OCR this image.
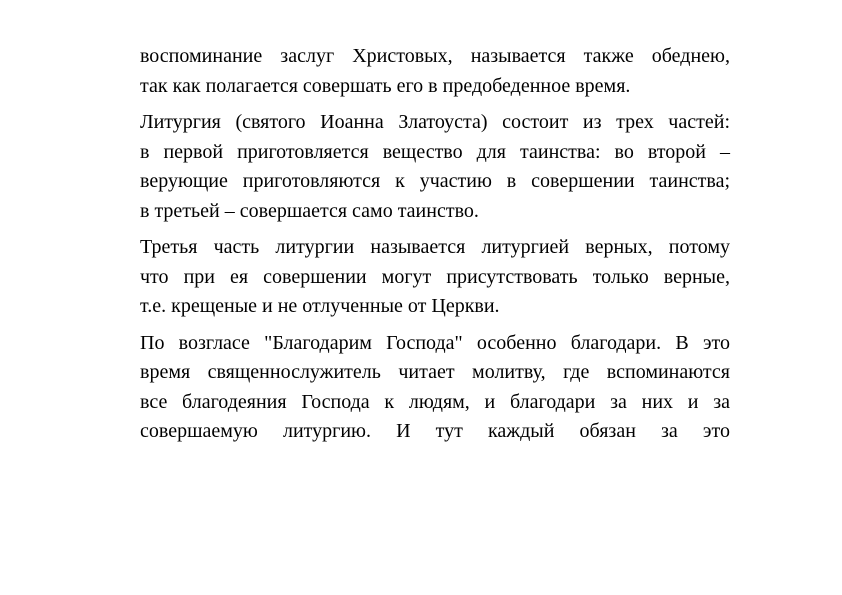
воспоминание заслуг Христовых, называется также обеднею,
так как полагается совершать его в предобеденное время.
Литургия (святого Иоанна Златоуста) состоит из трех частей:
в первой приготовляется вещество для таинства: во второй –
верующие приготовляются к участию в совершении таинства;
в третьей – совершается само таинство.
Третья часть литургии называется литургией верных, потому
что при ея совершении могут присутствовать только верные,
т.е. крещеные и не отлученные от Церкви.
По возгласе "Благодарим Господа" особенно благодари. В это
время священнослужитель читает молитву, где вспоминаются
все благодеяния Господа к людям, и благодари за них и за
совершаемую литургию. И тут каждый обязан за это
